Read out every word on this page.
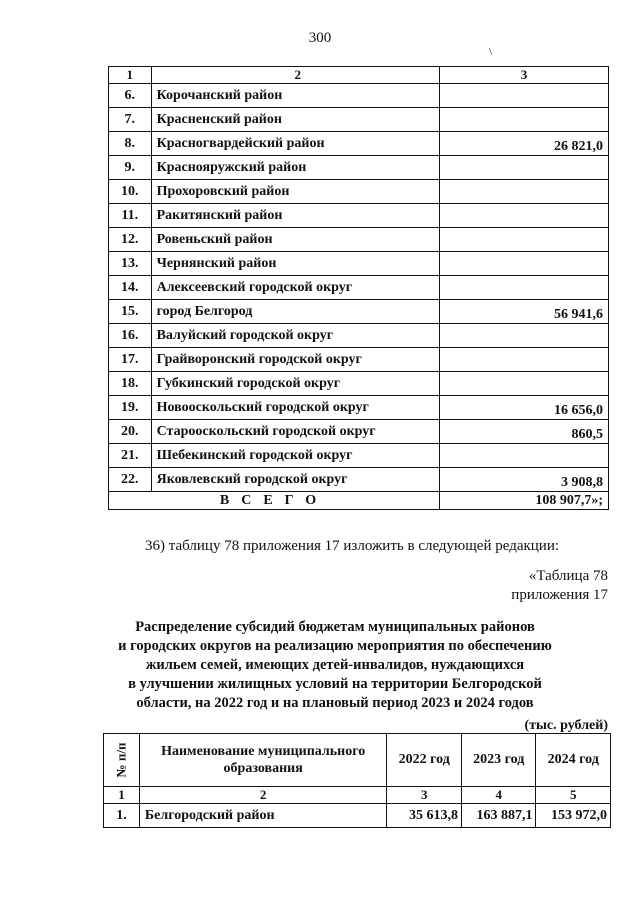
300
\
1	2	3
6.	Корочанский район	
7.	Красненский район	
8.	Красногвардейский район	26 821,0
9.	Краснояружский район	
10.	Прохоровский район	
11.	Ракитянский район	
12.	Ровеньский район	
13.	Чернянский район	
14.	Алексеевский городской округ	
15.	город Белгород	56 941,6
16.	Валуйский городской округ	
17.	Грайворонский городской округ	
18.	Губкинский городской округ	
19.	Новооскольский городской округ	16 656,0
20.	Старооскольский городской округ	860,5
21.	Шебекинский городской округ	
22.	Яковлевский городской округ	3 908,8
ВСЕГО		108 907,7»;
36) таблицу 78 приложения 17 изложить в следующей редакции:
«Таблица 78
приложения 17
Распределение субсидий бюджетам муниципальных районов
и городских округов на реализацию мероприятия по обеспечению
жильем семей, имеющих детей-инвалидов, нуждающихся
в улучшении жилищных условий на территории Белгородской
области, на 2022 год и на плановый период 2023 и 2024 годов
(тыс. рублей)
№ п/п	Наименование муниципального образования	2022 год	2023 год	2024 год
1	2	3	4	5
1.	Белгородский район	35 613,8	163 887,1	153 972,0
